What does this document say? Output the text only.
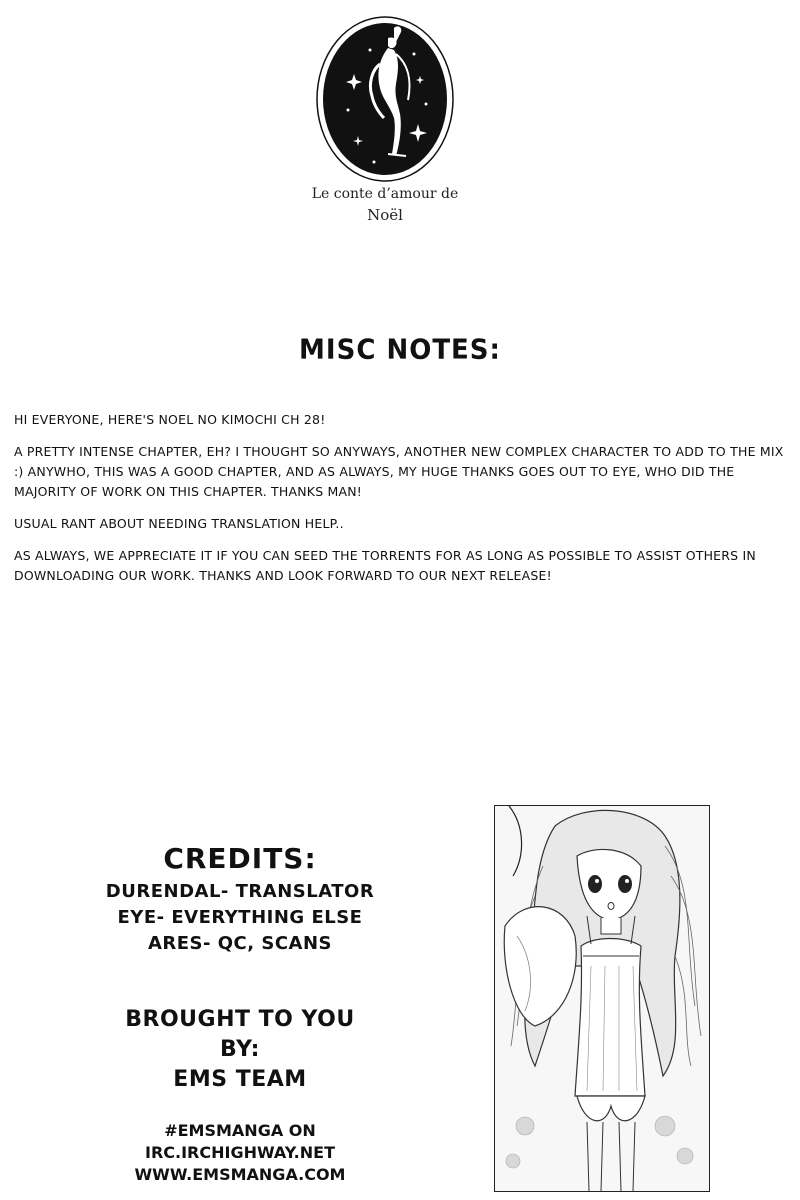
Le conte d’amour de
Noël
MISC NOTES:

HI EVERYONE, HERE'S NOEL NO KIMOCHI CH 28!

A PRETTY INTENSE CHAPTER, EH? I THOUGHT SO ANYWAYS, ANOTHER NEW COMPLEX CHARACTER TO ADD TO THE MIX :) ANYWHO, THIS WAS A GOOD CHAPTER, AND AS ALWAYS, MY HUGE THANKS GOES OUT TO EYE, WHO DID THE MAJORITY OF WORK ON THIS CHAPTER. THANKS MAN!

USUAL RANT ABOUT NEEDING TRANSLATION HELP..

AS ALWAYS, WE APPRECIATE IT IF YOU CAN SEED THE TORRENTS FOR AS LONG AS POSSIBLE TO ASSIST OTHERS IN DOWNLOADING OUR WORK. THANKS AND LOOK FORWARD TO OUR NEXT RELEASE!

CREDITS:
DURENDAL- TRANSLATOR
EYE- EVERYTHING ELSE
ARES- QC, SCANS
BROUGHT TO YOU
BY:
EMS TEAM
#EMSMANGA ON
IRC.IRCHIGHWAY.NET
WWW.EMSMANGA.COM
